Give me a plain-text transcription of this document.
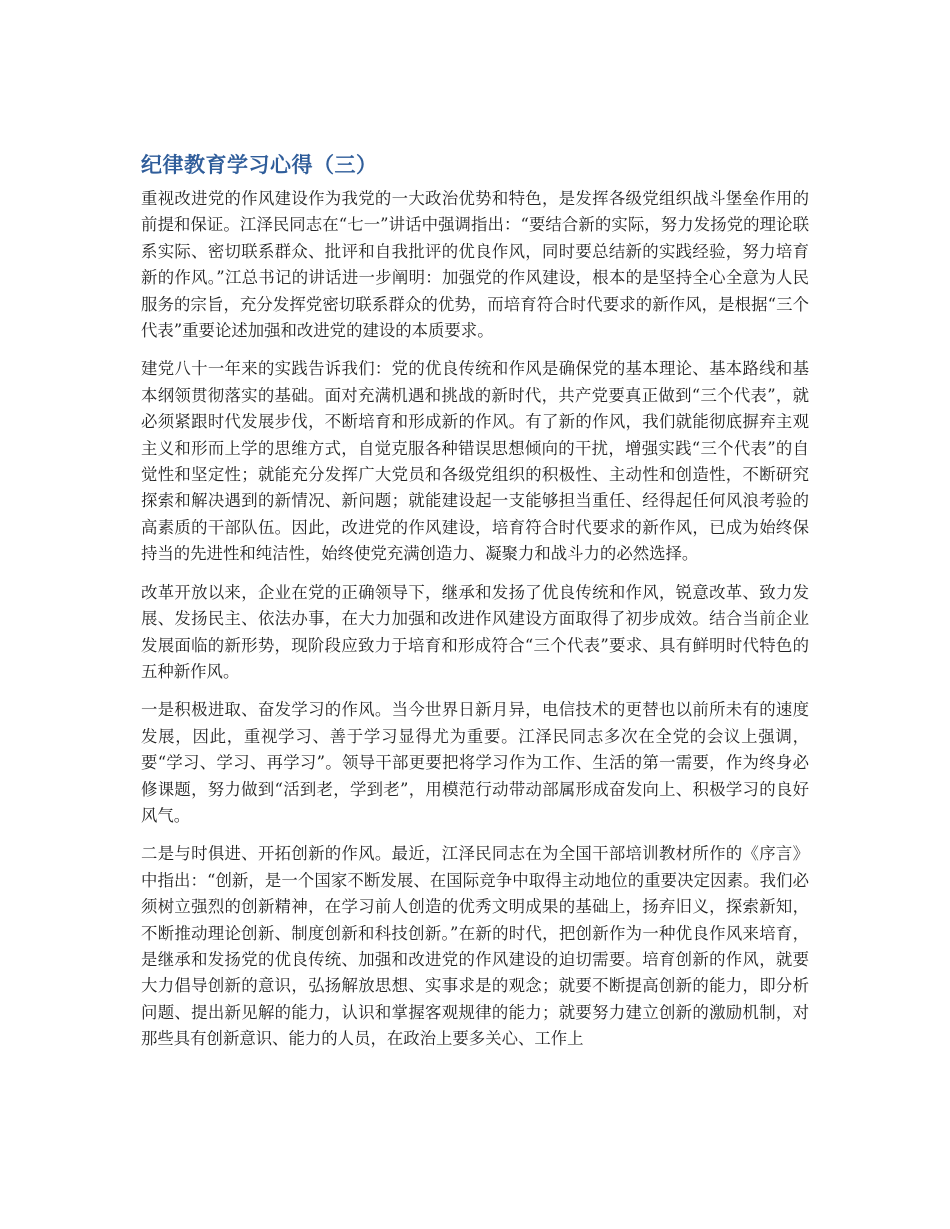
纪律教育学习心得（三）

重视改进党的作风建设作为我党的一大政治优势和特色，是发挥各级党组织战斗堡垒作用的前提和保证。江泽民同志在“七一”讲话中强调指出：“要结合新的实际，努力发扬党的理论联系实际、密切联系群众、批评和自我批评的优良作风，同时要总结新的实践经验，努力培育新的作风。”江总书记的讲话进一步阐明：加强党的作风建设，根本的是坚持全心全意为人民服务的宗旨，充分发挥党密切联系群众的优势，而培育符合时代要求的新作风，是根据“三个代表”重要论述加强和改进党的建设的本质要求。

建党八十一年来的实践告诉我们：党的优良传统和作风是确保党的基本理论、基本路线和基本纲领贯彻落实的基础。面对充满机遇和挑战的新时代，共产党要真正做到“三个代表”，就必须紧跟时代发展步伐，不断培育和形成新的作风。有了新的作风，我们就能彻底摒弃主观主义和形而上学的思维方式，自觉克服各种错误思想倾向的干扰，增强实践“三个代表”的自觉性和坚定性；就能充分发挥广大党员和各级党组织的积极性、主动性和创造性，不断研究探索和解决遇到的新情况、新问题；就能建设起一支能够担当重任、经得起任何风浪考验的高素质的干部队伍。因此，改进党的作风建设，培育符合时代要求的新作风，已成为始终保持当的先进性和纯洁性，始终使党充满创造力、凝聚力和战斗力的必然选择。

改革开放以来，企业在党的正确领导下，继承和发扬了优良传统和作风，锐意改革、致力发展、发扬民主、依法办事，在大力加强和改进作风建设方面取得了初步成效。结合当前企业发展面临的新形势，现阶段应致力于培育和形成符合“三个代表”要求、具有鲜明时代特色的五种新作风。

一是积极进取、奋发学习的作风。当今世界日新月异，电信技术的更替也以前所未有的速度发展，因此，重视学习、善于学习显得尤为重要。江泽民同志多次在全党的会议上强调，要“学习、学习、再学习”。领导干部更要把将学习作为工作、生活的第一需要，作为终身必修课题，努力做到“活到老，学到老”，用模范行动带动部属形成奋发向上、积极学习的良好风气。

二是与时俱进、开拓创新的作风。最近，江泽民同志在为全国干部培训教材所作的《序言》中指出：“创新，是一个国家不断发展、在国际竞争中取得主动地位的重要决定因素。我们必须树立强烈的创新精神，在学习前人创造的优秀文明成果的基础上，扬弃旧义，探索新知，不断推动理论创新、制度创新和科技创新。”在新的时代，把创新作为一种优良作风来培育，是继承和发扬党的优良传统、加强和改进党的作风建设的迫切需要。培育创新的作风，就要大力倡导创新的意识，弘扬解放思想、实事求是的观念；就要不断提高创新的能力，即分析问题、提出新见解的能力，认识和掌握客观规律的能力；就要努力建立创新的激励机制，对那些具有创新意识、能力的人员，在政治上要多关心、工作上
